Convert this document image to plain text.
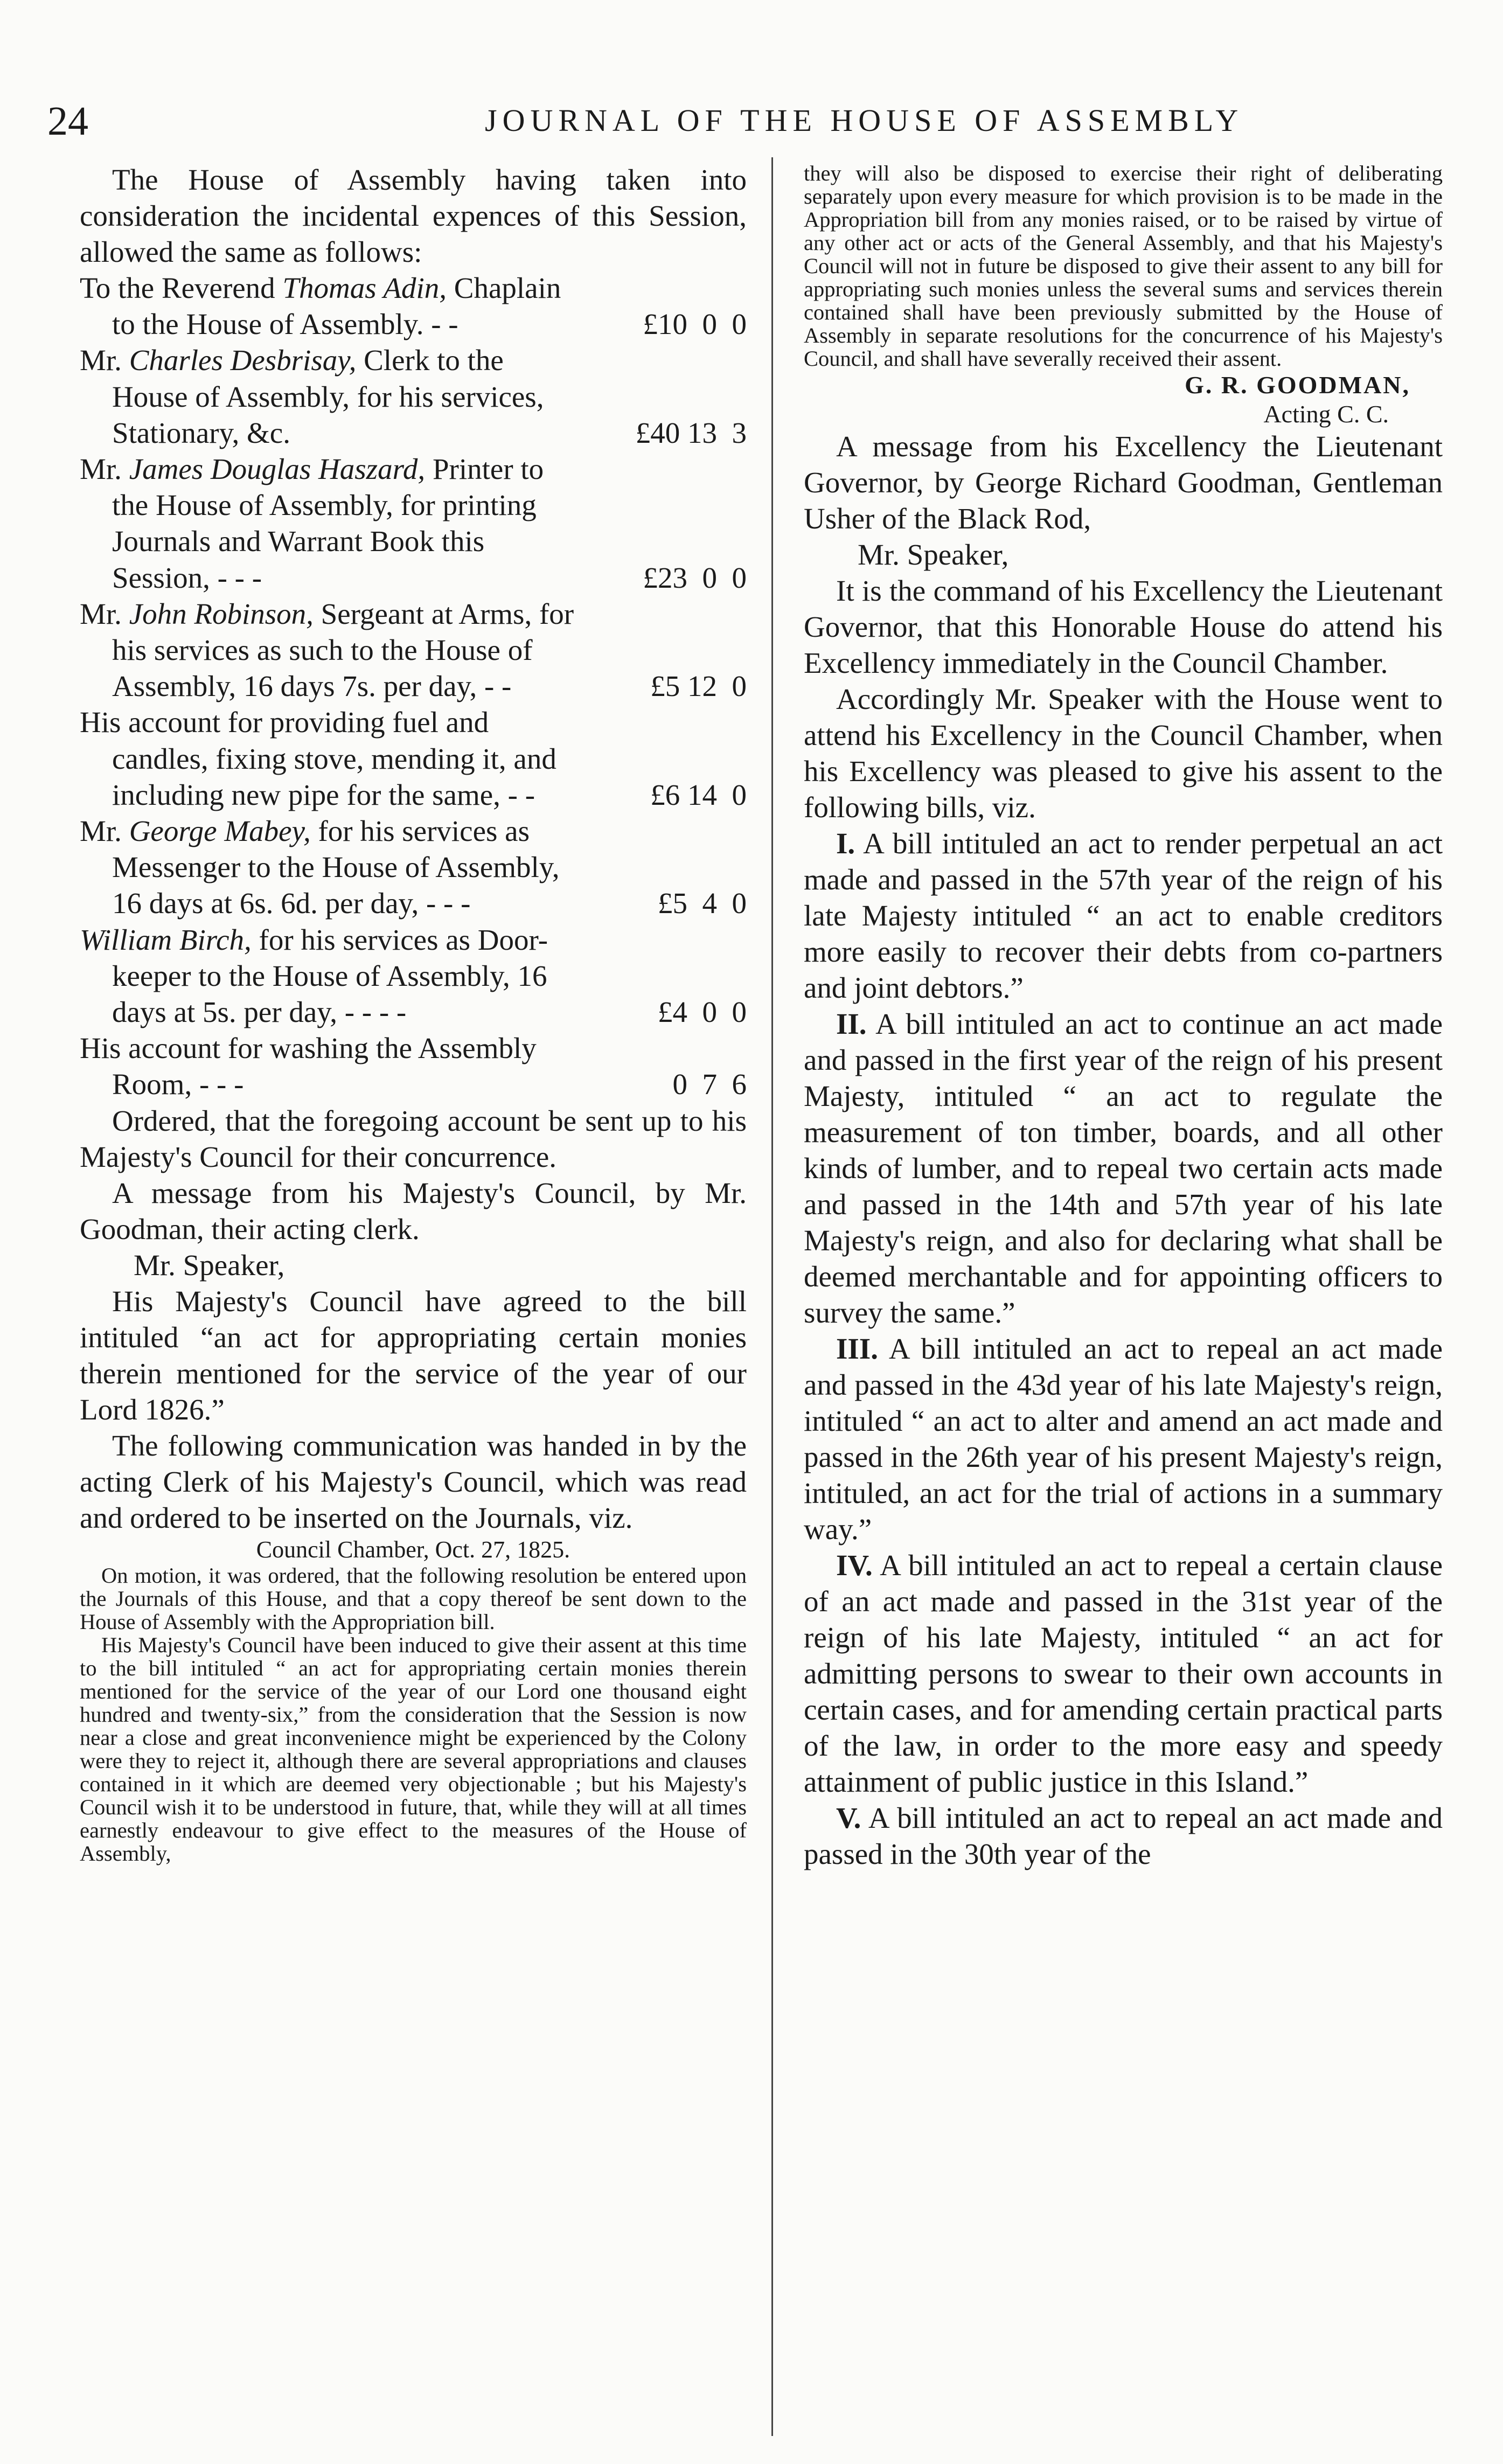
24	JOURNAL OF THE HOUSE OF ASSEMBLY

The House of Assembly having taken into consideration the incidental expences of this Session, allowed the same as follows:

To the Reverend Thomas Adin, Chaplain to the House of Assembly. - -	£10  0  0
Mr. Charles Desbrisay, Clerk to the House of Assembly, for his services, Stationary, &c.	£40 13  3
Mr. James Douglas Haszard, Printer to the House of Assembly, for printing Journals and Warrant Book this Session, - - -	£23  0  0
Mr. John Robinson, Sergeant at Arms, for his services as such to the House of Assembly, 16 days 7s. per day, - -	£5 12  0
His account for providing fuel and candles, fixing stove, mending it, and including new pipe for the same, - -	£6 14  0
Mr. George Mabey, for his services as Messenger to the House of Assembly, 16 days at 6s. 6d. per day, - - -	£5  4  0
William Birch, for his services as Door-keeper to the House of Assembly, 16 days at 5s. per day, - - - -	£4  0  0
His account for washing the Assembly Room, - - -	0  7  6

Ordered, that the foregoing account be sent up to his Majesty's Council for their concurrence.

A message from his Majesty's Council, by Mr. Goodman, their acting clerk.

Mr. Speaker,

His Majesty's Council have agreed to the bill intituled “an act for appropriating certain monies therein mentioned for the service of the year of our Lord 1826.”

The following communication was handed in by the acting Clerk of his Majesty's Council, which was read and ordered to be inserted on the Journals, viz.

Council Chamber, Oct. 27, 1825.

On motion, it was ordered, that the following resolution be entered upon the Journals of this House, and that a copy thereof be sent down to the House of Assembly with the Appropriation bill.

His Majesty's Council have been induced to give their assent at this time to the bill intituled “ an act for appropriating certain monies therein mentioned for the service of the year of our Lord one thousand eight hundred and twenty-six,” from the consideration that the Session is now near a close and great inconvenience might be experienced by the Colony were they to reject it, although there are several appropriations and clauses contained in it which are deemed very objectionable ; but his Majesty's Council wish it to be understood in future, that, while they will at all times earnestly endeavour to give effect to the measures of the House of Assembly,

they will also be disposed to exercise their right of deliberating separately upon every measure for which provision is to be made in the Appropriation bill from any monies raised, or to be raised by virtue of any other act or acts of the General Assembly, and that his Majesty's Council will not in future be disposed to give their assent to any bill for appropriating such monies unless the several sums and services therein contained shall have been previously submitted by the House of Assembly in separate resolutions for the concurrence of his Majesty's Council, and shall have severally received their assent.

G. R. GOODMAN,

Acting C. C.

A message from his Excellency the Lieutenant Governor, by George Richard Goodman, Gentleman Usher of the Black Rod,

Mr. Speaker,

It is the command of his Excellency the Lieutenant Governor, that this Honorable House do attend his Excellency immediately in the Council Chamber.

Accordingly Mr. Speaker with the House went to attend his Excellency in the Council Chamber, when his Excellency was pleased to give his assent to the following bills, viz.

I. A bill intituled an act to render perpetual an act made and passed in the 57th year of the reign of his late Majesty intituled “ an act to enable creditors more easily to recover their debts from co-partners and joint debtors.”

II. A bill intituled an act to continue an act made and passed in the first year of the reign of his present Majesty, intituled “ an act to regulate the measurement of ton timber, boards, and all other kinds of lumber, and to repeal two certain acts made and passed in the 14th and 57th year of his late Majesty's reign, and also for declaring what shall be deemed merchantable and for appointing officers to survey the same.”

III. A bill intituled an act to repeal an act made and passed in the 43d year of his late Majesty's reign, intituled “ an act to alter and amend an act made and passed in the 26th year of his present Majesty's reign, intituled, an act for the trial of actions in a summary way.”

IV. A bill intituled an act to repeal a certain clause of an act made and passed in the 31st year of the reign of his late Majesty, intituled “ an act for admitting persons to swear to their own accounts in certain cases, and for amending certain practical parts of the law, in order to the more easy and speedy attainment of public justice in this Island.”

V. A bill intituled an act to repeal an act made and passed in the 30th year of the
